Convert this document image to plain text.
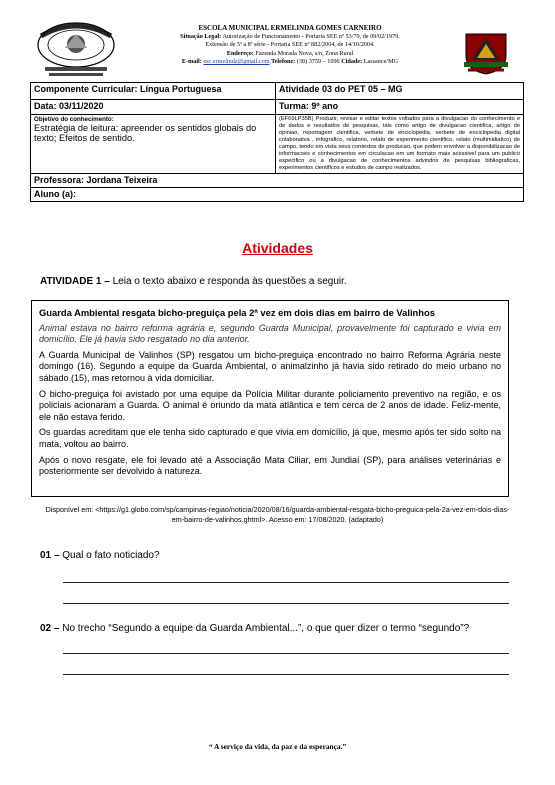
ESCOLA MUNICIPAL ERMELINDA GOMES CARNEIRO
Situação Legal: Autorização de Funcionamento - Portaria SEE nº 53/79, de 09/02/1979.
Extensão de 5ª a 8ª série - Portaria SEE nº 882/2004, de 14/10/2004.
Endereço: Fazenda Morada Nova, s/n, Zona Rural
E-mail: esc.ermelinda@gmail.com Telefone: (38) 3759 – 1096 Cidade: Lassance/MG
Componente Curricular: Língua Portuguesa	Atividade 03 do PET 05 – MG
Data: 03/11/2020	Turma: 9º ano

Objetivo do conhecimento:
Estratégia de leitura: apreender os sentidos globais do texto; Efeitos de sentido.	(EF69LP35B) Produzir, revisar e editar textos voltados para a divulgacao do conhecimento e de dados e resultados de pesquisas, tais como artigo de divulgacao cientifica, artigo de opiniao, reportagem cientifica, verbete de enciclopedia, verbete de enciclopedia digital colaborativa , infografico, relatorio, relato de experimento cientifico, relato (multimidiatico) de campo, tendo em vista seus contextos de producao, que podem envolver a disponibilizacao de informacoes e conhecimentos em circulacao em um formato mais acessivel para um publico especifico ou a divulgacao de conhecimentos advindos de pesquisas bibliograficas, experimentos cientificos e estudos de campo realizados.

Professora: Jordana Teixeira	
Aluno (a):	
Atividades
ATIVIDADE 1 – Leia o texto abaixo e responda às questões a seguir.
Guarda Ambiental resgata bicho-preguiça pela 2ª vez em dois dias em bairro de Valinhos
Animal estava no bairro reforma agrária e, segundo Guarda Municipal, provavelmente foi capturado e vivia em domicílio. Ele já havia sido resgatado no dia anterior.

A Guarda Municipal de Valinhos (SP) resgatou um bicho-preguiça encontrado no bairro Reforma Agrária neste domingo (16). Segundo a equipe da Guarda Ambiental, o animalzinho já havia sido retirado do meio urbano no sábado (15), mas retornou à vida domiciliar.

O bicho-preguiça foi avistado por uma equipe da Polícia Militar durante policiamento preventivo na região, e os policiais acionaram a Guarda. O animal é oriundo da mata atlântica e tem cerca de 2 anos de idade. Feliz-mente, ele não estava ferido.

Os guardas acreditam que ele tenha sido capturado e que vivia em domicílio, já que, mesmo após ter sido solto na mata, voltou ao bairro.

Após o novo resgate, ele foi levado até a Associação Mata Ciliar, em Jundiaí (SP), para análises veterinárias e posteriormente ser devolvido à natureza.

Disponível em: <https://g1.globo.com/sp/campinas-regiao/noticia/2020/08/16/guarda-ambiental-resgata-bicho-preguica-pela-2a-vez-em-dois-dias-em-bairro-de-valinhos.ghtml>. Acesso em: 17/08/2020. (adaptado)
01 – Qual o fato noticiado?
02 – No trecho “Segundo a equipe da Guarda Ambiental...”, o que quer dizer o termo “segundo”?
“ A serviço da vida, da paz e da esperança.”
